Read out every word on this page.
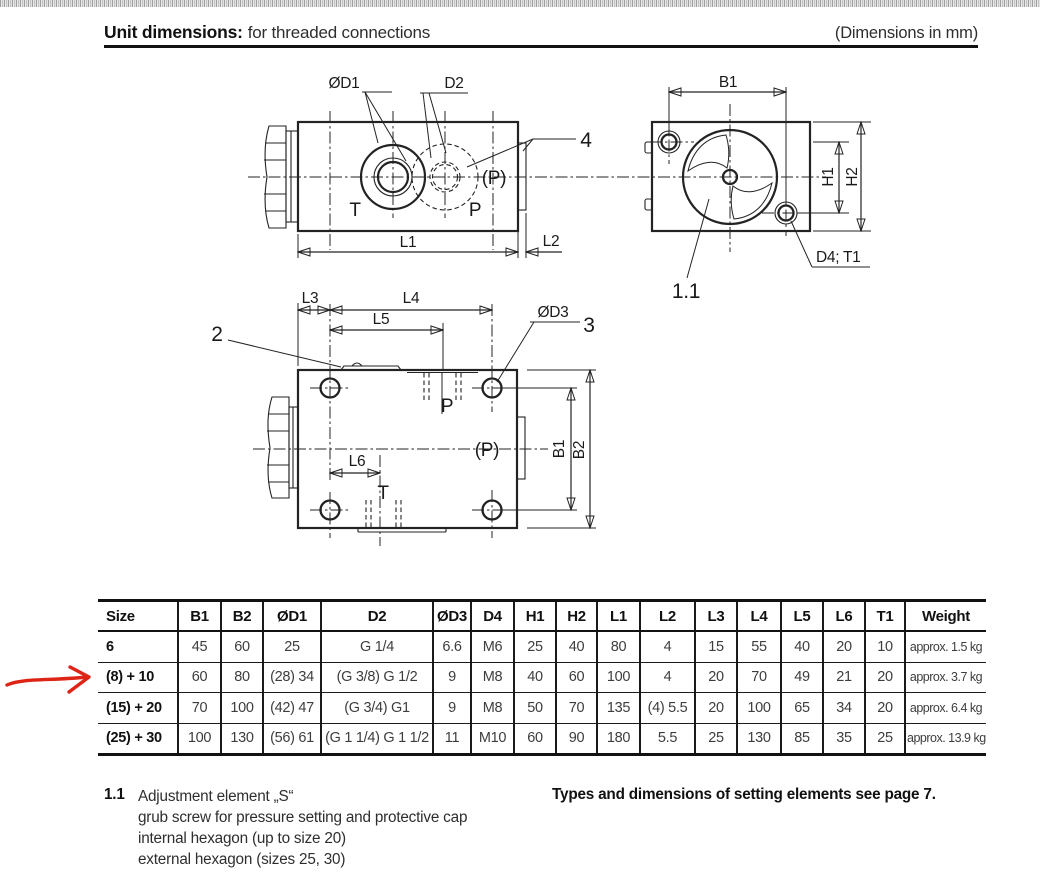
Unit dimensions: for threaded connections	(Dimensions in mm)
ØD1	D2
4
(P)
T	P
L1	L2
B1
H1 H2
D4; T1
1.1
2
L3	L4
L5	ØD3
3
P
(P)
L6
T
B1 B2
Size	B1	B2	ØD1	D2	ØD3	D4	H1	H2	L1	L2	L3	L4	L5	L6	T1	Weight
6	45	60	25	G 1/4	6.6	M6	25	40	80	4	15	55	40	20	10	approx. 1.5 kg
(8) + 10	60	80	(28) 34	(G 3/8) G 1/2	9	M8	40	60	100	4	20	70	49	21	20	approx. 3.7 kg
(15) + 20	70	100	(42) 47	(G 3/4) G1	9	M8	50	70	135	(4) 5.5	20	100	65	34	20	approx. 6.4 kg
(25) + 30	100	130	(56) 61	(G 1 1/4) G 1 1/2	11	M10	60	90	180	5.5	25	130	85	35	25	approx. 13.9 kg
1.1 Adjustment element „S“
grub screw for pressure setting and protective cap
internal hexagon (up to size 20)
external hexagon (sizes 25, 30)
Types and dimensions of setting elements see page 7.
